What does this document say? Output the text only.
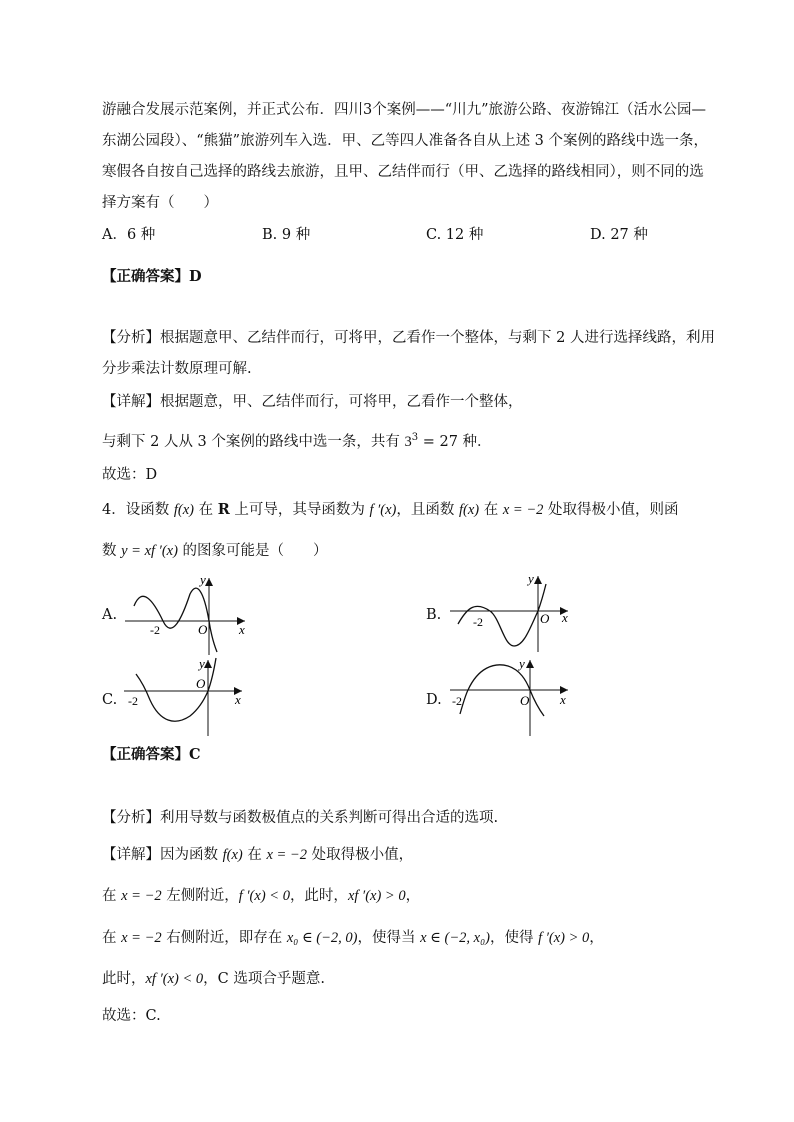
游融合发展示范案例，并正式公布．四川3个案例——“川九”旅游公路、夜游锦江（活水公园—
东湖公园段）、“熊猫”旅游列车入选．甲、乙等四人准备各自从上述 3 个案例的路线中选一条，
寒假各自按自己选择的路线去旅游，且甲、乙结伴而行（甲、乙选择的路线相同），则不同的选
择方案有（　　）
A．6 种	B. 9 种	C. 12 种	D. 27 种
【正确答案】D
【分析】根据题意甲、乙结伴而行，可将甲，乙看作一个整体，与剩下 2 人进行选择线路，利用
分步乘法计数原理可解.
【详解】根据题意，甲、乙结伴而行，可将甲，乙看作一个整体，
与剩下 2 人从 3 个案例的路线中选一条，共有 $3^3 = 27$ 种．
故选：D
4．设函数 f(x) 在 R 上可导，其导函数为 f ′(x)，且函数 f(x) 在 x = −2 处取得极小值，则函
数 y = xf ′(x) 的图象可能是（　　）
A.
x
y
O
-2
B.	x
y
O
-2
C.	x
y
O
-2	D.	x
y
O
-2
【正确答案】C
【分析】利用导数与函数极值点的关系判断可得出合适的选项.
【详解】因为函数 f(x) 在 x = −2 处取得极小值，
在 x = −2 左侧附近，f ′(x) < 0，此时，xf ′(x) > 0，
在 x = −2 右侧附近，即存在 x₀ ∈ (−2, 0)，使得当 x ∈ (−2, x₀)，使得 f ′(x) > 0，
此时，xf ′(x) < 0，C 选项合乎题意.
故选：C.
